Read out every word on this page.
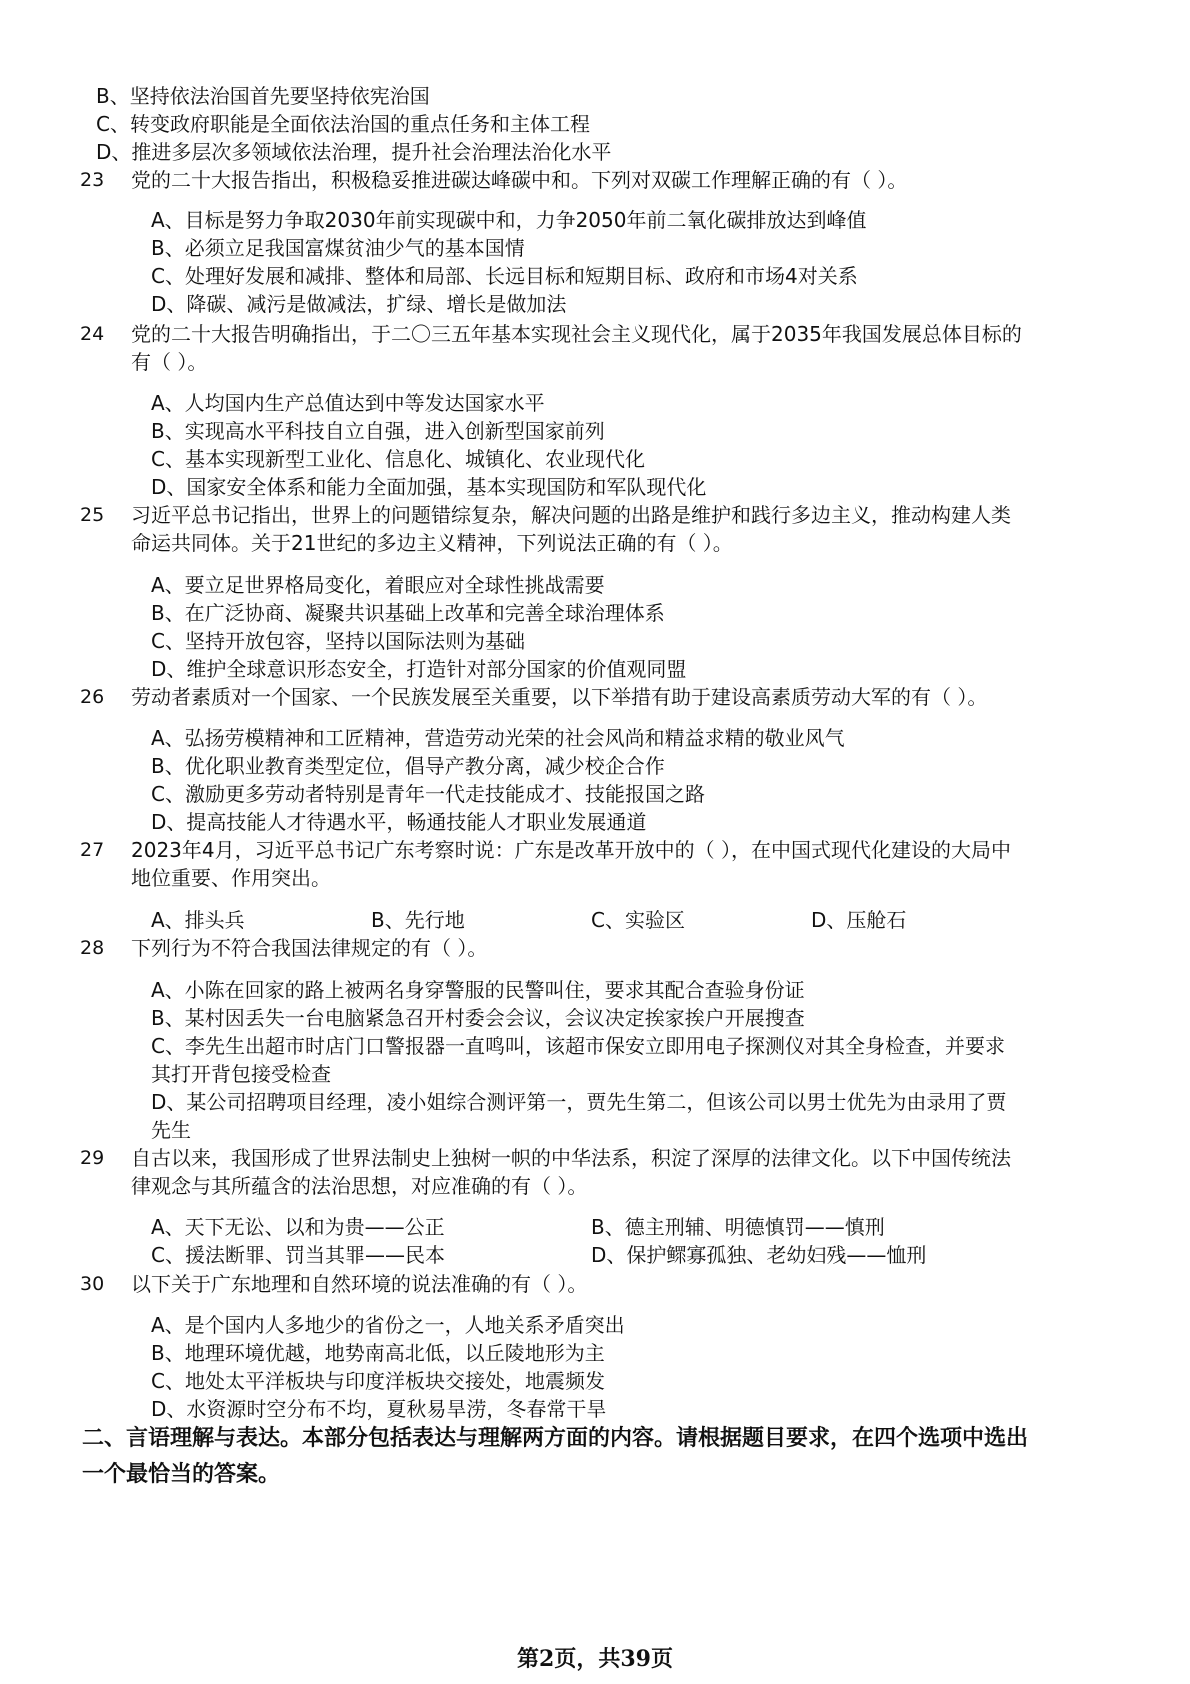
B、坚持依法治国首先要坚持依宪治国
C、转变政府职能是全面依法治国的重点任务和主体工程
D、推进多层次多领域依法治理，提升社会治理法治化水平
23 党的二十大报告指出，积极稳妥推进碳达峰碳中和。下列对双碳工作理解正确的有（ ）。
A、目标是努力争取2030年前实现碳中和，力争2050年前二氧化碳排放达到峰值
B、必须立足我国富煤贫油少气的基本国情
C、处理好发展和减排、整体和局部、长远目标和短期目标、政府和市场4对关系
D、降碳、减污是做减法，扩绿、增长是做加法
24 党的二十大报告明确指出，于二〇三五年基本实现社会主义现代化，属于2035年我国发展总体目标的
有（ ）。
A、人均国内生产总值达到中等发达国家水平
B、实现高水平科技自立自强，进入创新型国家前列
C、基本实现新型工业化、信息化、城镇化、农业现代化
D、国家安全体系和能力全面加强，基本实现国防和军队现代化
25 习近平总书记指出，世界上的问题错综复杂，解决问题的出路是维护和践行多边主义，推动构建人类
命运共同体。关于21世纪的多边主义精神，下列说法正确的有（ ）。
A、要立足世界格局变化，着眼应对全球性挑战需要
B、在广泛协商、凝聚共识基础上改革和完善全球治理体系
C、坚持开放包容，坚持以国际法则为基础
D、维护全球意识形态安全，打造针对部分国家的价值观同盟
26 劳动者素质对一个国家、一个民族发展至关重要，以下举措有助于建设高素质劳动大军的有（ ）。
A、弘扬劳模精神和工匠精神，营造劳动光荣的社会风尚和精益求精的敬业风气
B、优化职业教育类型定位，倡导产教分离，减少校企合作
C、激励更多劳动者特别是青年一代走技能成才、技能报国之路
D、提高技能人才待遇水平，畅通技能人才职业发展通道
27 2023年4月，习近平总书记广东考察时说：广东是改革开放中的（ ），在中国式现代化建设的大局中
地位重要、作用突出。
A、排头兵	B、先行地	C、实验区	D、压舱石
28 下列行为不符合我国法律规定的有（ ）。
A、小陈在回家的路上被两名身穿警服的民警叫住，要求其配合查验身份证
B、某村因丢失一台电脑紧急召开村委会会议，会议决定挨家挨户开展搜查
C、李先生出超市时店门口警报器一直鸣叫，该超市保安立即用电子探测仪对其全身检查，并要求
其打开背包接受检查
D、某公司招聘项目经理，凌小姐综合测评第一，贾先生第二，但该公司以男士优先为由录用了贾
先生
29 自古以来，我国形成了世界法制史上独树一帜的中华法系，积淀了深厚的法律文化。以下中国传统法
律观念与其所蕴含的法治思想，对应准确的有（ ）。
A、天下无讼、以和为贵——公正	B、德主刑辅、明德慎罚——慎刑
C、援法断罪、罚当其罪——民本	D、保护鳏寡孤独、老幼妇残——恤刑
30 以下关于广东地理和自然环境的说法准确的有（ ）。
A、是个国内人多地少的省份之一，人地关系矛盾突出
B、地理环境优越，地势南高北低，以丘陵地形为主
C、地处太平洋板块与印度洋板块交接处，地震频发
D、水资源时空分布不均，夏秋易旱涝，冬春常干旱
二、言语理解与表达。本部分包括表达与理解两方面的内容。请根据题目要求，在四个选项中选出
一个最恰当的答案。
第2页，共39页
